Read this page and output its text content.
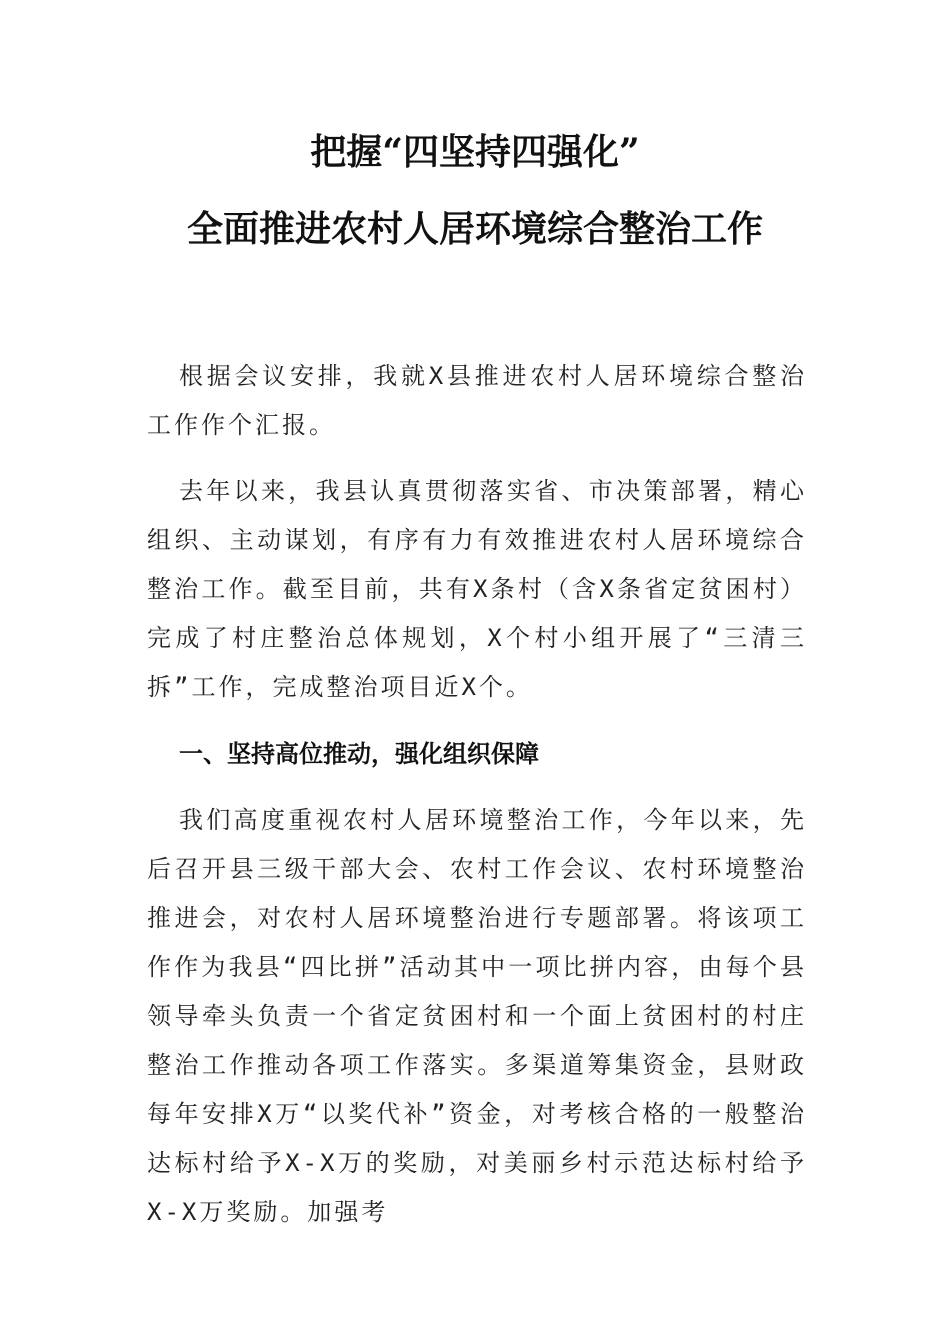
把握“四坚持四强化”
全面推进农村人居环境综合整治工作

根据会议安排，我就X县推进农村人居环境综合整治工作作个汇报。

去年以来，我县认真贯彻落实省、市决策部署，精心组织、主动谋划，有序有力有效推进农村人居环境综合整治工作。截至目前，共有X条村（含X条省定贫困村）完成了村庄整治总体规划，X个村小组开展了“三清三拆”工作，完成整治项目近X个。

一、坚持高位推动，强化组织保障

我们高度重视农村人居环境整治工作，今年以来，先后召开县三级干部大会、农村工作会议、农村环境整治推进会，对农村人居环境整治进行专题部署。将该项工作作为我县“四比拼”活动其中一项比拼内容，由每个县领导牵头负责一个省定贫困村和一个面上贫困村的村庄整治工作推动各项工作落实。多渠道筹集资金，县财政每年安排X万“以奖代补”资金，对考核合格的一般整治达标村给予X-X万的奖励，对美丽乡村示范达标村给予X-X万奖励。加强考
